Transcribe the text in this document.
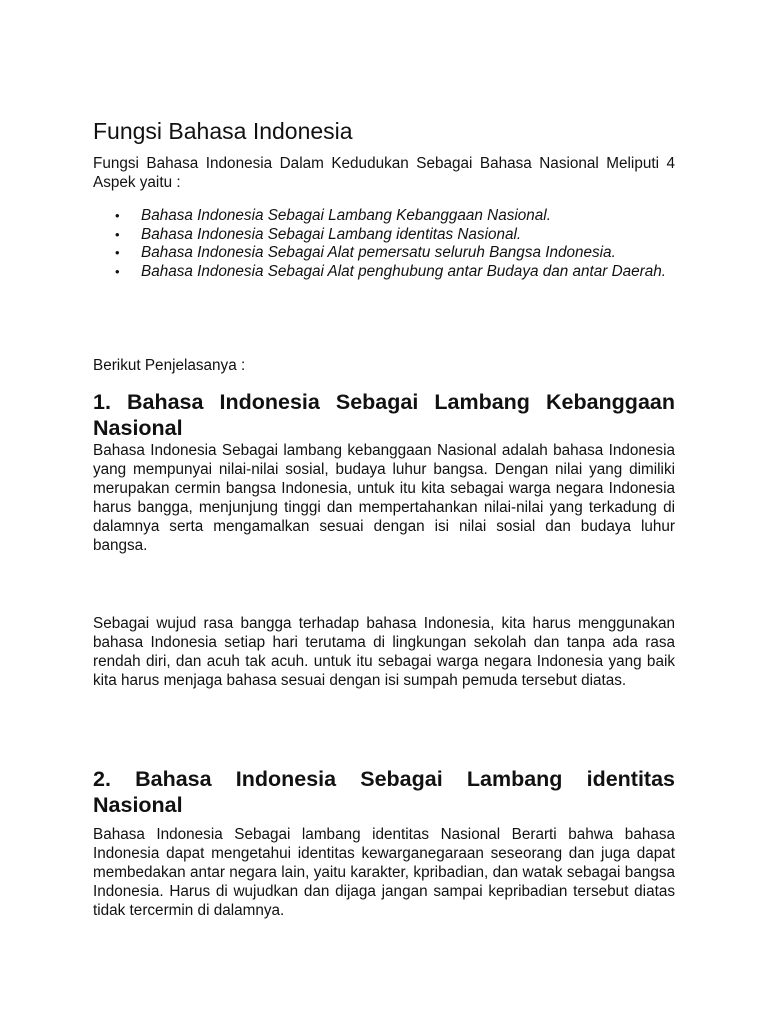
Fungsi Bahasa Indonesia

Fungsi Bahasa Indonesia Dalam Kedudukan Sebagai Bahasa Nasional Meliputi 4 Aspek yaitu :

• Bahasa Indonesia Sebagai Lambang Kebanggaan Nasional.
• Bahasa Indonesia Sebagai Lambang identitas Nasional.
• Bahasa Indonesia Sebagai Alat pemersatu seluruh Bangsa Indonesia.
• Bahasa Indonesia Sebagai Alat penghubung antar Budaya dan antar Daerah.

Berikut Penjelasanya :

1. Bahasa Indonesia Sebagai Lambang Kebanggaan Nasional

Bahasa Indonesia Sebagai lambang kebanggaan Nasional adalah bahasa Indonesia yang mempunyai nilai-nilai sosial, budaya luhur bangsa. Dengan nilai yang dimiliki merupakan cermin bangsa Indonesia, untuk itu kita sebagai warga negara Indonesia harus bangga, menjunjung tinggi dan mempertahankan nilai-nilai yang terkadung di dalamnya serta mengamalkan sesuai dengan isi nilai sosial dan budaya luhur bangsa.

Sebagai wujud rasa bangga terhadap bahasa Indonesia, kita harus menggunakan bahasa Indonesia setiap hari terutama di lingkungan sekolah dan tanpa ada rasa rendah diri, dan acuh tak acuh. untuk itu sebagai warga negara Indonesia yang baik kita harus menjaga bahasa sesuai dengan isi sumpah pemuda tersebut diatas.

2. Bahasa Indonesia Sebagai Lambang identitas Nasional

Bahasa Indonesia Sebagai lambang identitas Nasional Berarti bahwa bahasa Indonesia dapat mengetahui identitas kewarganegaraan seseorang dan juga dapat membedakan antar negara lain, yaitu karakter, kpribadian, dan watak sebagai bangsa Indonesia. Harus di wujudkan dan dijaga jangan sampai kepribadian tersebut diatas tidak tercermin di dalamnya.
